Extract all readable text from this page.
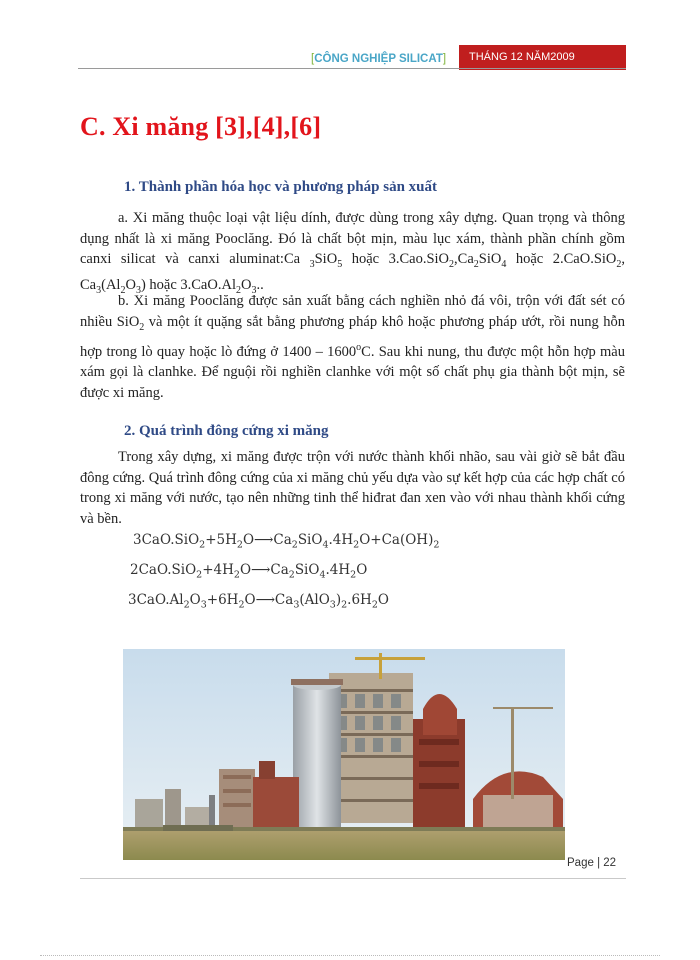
[CÔNG NGHIỆP SILICAT]	THÁNG 12 NĂM2009
C. Xi măng [3],[4],[6]
1. Thành phần hóa học và phương pháp sản xuất
a. Xi măng thuộc loại vật liệu dính, được dùng trong xây dựng. Quan trọng và thông dụng nhất là xi măng Pooclăng. Đó là chất bột mịn, màu lục xám, thành phần chính gồm canxi silicat và canxi aluminat:Ca $_3$SiO$_5$ hoặc $3.Cao.SiO_2,Ca_2SiO_4$ hoặc 2.CaO.SiO$_2$, $Ca_3(Al_2O_3)$ hoặc $3.CaO.Al_2O_3$..
b. Xi măng Pooclăng được sản xuất bằng cách nghiền nhỏ đá vôi, trộn với đất sét có nhiều SiO$_2$ và một ít quặng sắt bằng phương pháp khô hoặc phương pháp ướt, rồi nung hỗn hợp trong lò quay hoặc lò đứng ở 1400 – 1600$^o$C. Sau khi nung, thu được một hỗn hợp màu xám gọi là clanhke. Để nguội rồi nghiền clanhke với một số chất phụ gia thành bột mịn, sẽ được xi măng.
2. Quá trình đông cứng xi măng
Trong xây dựng, xi măng được trộn với nước thành khối nhão, sau vài giờ sẽ bắt đầu đông cứng. Quá trình đông cứng của xi măng chủ yếu dựa vào sự kết hợp của các hợp chất có trong xi măng với nước, tạo nên những tinh thể hiđrat đan xen vào với nhau thành khối cứng và bền.
$3CaO.SiO_2+5H_2O⟶Ca_2SiO_4.4H_2O+Ca(OH)_2$
$2CaO.SiO_2+4H_2O⟶Ca_2SiO_4.4H_2O$
$3CaO.Al_2O_3+6H_2O⟶Ca_3(AlO_3)_2.6H_2O$
Page | 22
